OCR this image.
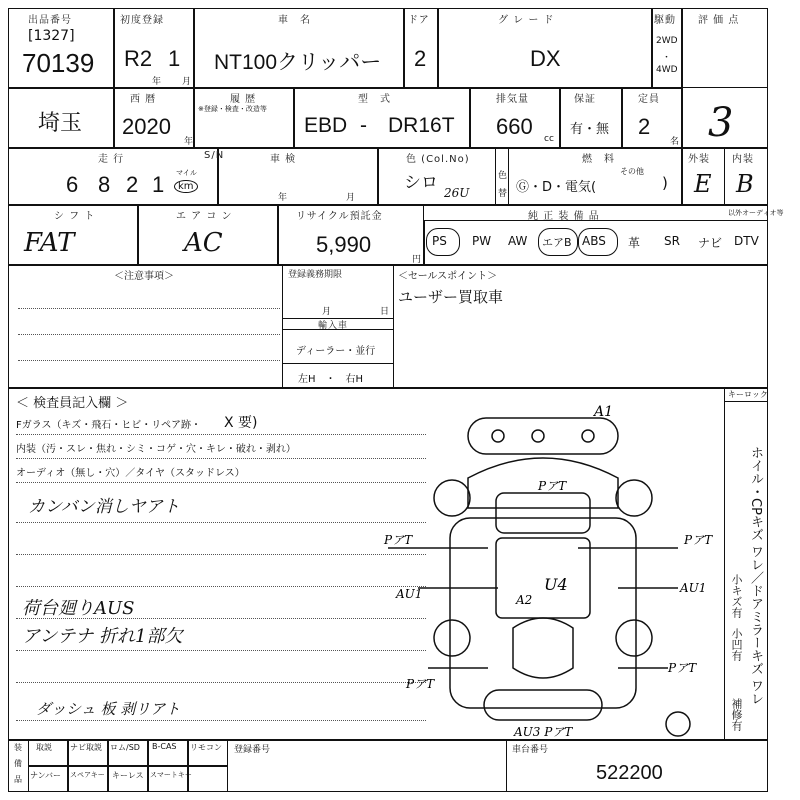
出品番号
[1327]
70139
初度登録
R2 1
年 月
車　名
NT100クリッパー
ドア
2
グ レ ー ド
DX
駆動
2WD
・
4WD
評 価 点
3
埼玉
西 暦
2020
年
履 歴
※登録・検査・改造等
型　式
EBD - DR16T
排気量
660 cc
保証
有・無
定員
2
名
走 行
6 8 2 1 マイル
km
S/N	車 検
年	月
色 (Col.No)
シロ 26U
色
替
燃　料
Ⓖ・D・電気(
その他
)
外装
E
内装
B
シ フ ト
FAT
エ ア コ ン
AC
リサイクル預託金
5,990
円
純 正 装 備 品	以外オーディオ等
PS PW AW エアB ABS 革 SR ナビ DTV
＜注意事項＞	登録義務期限
月	日
輸入車
ディーラー・並行
左H　・　右H
＜セールスポイント＞
ユーザー買取車
＜ 検査員記入欄 ＞
Fガラス（キズ・飛石・ヒビ・リペア跡・ X 要)
内装（汚・スレ・焦れ・シミ・コゲ・穴・キレ・破れ・剥れ）
オーディオ（無し・穴）／タイヤ（スタッドレス）
カンバン消しヤアト
荷台廻りAUS
アンテナ 折れ1部欠
ダッシュ 板 剥リアト
A1
PアT
PアT	PアT
AU1	AU1
A2
U4
PアT
PアT
AU3 PアT
キーロック
ホイル・CPキズ ワレ／ドアミラーキズ ワレ
小キズ有
小凹有
補修有
装
備
品
取説 ナビ取説 ロム/SD B-CAS リモコン
ナンバー スペアキー キーレス スマートキー
登録番号	車台番号
522200
